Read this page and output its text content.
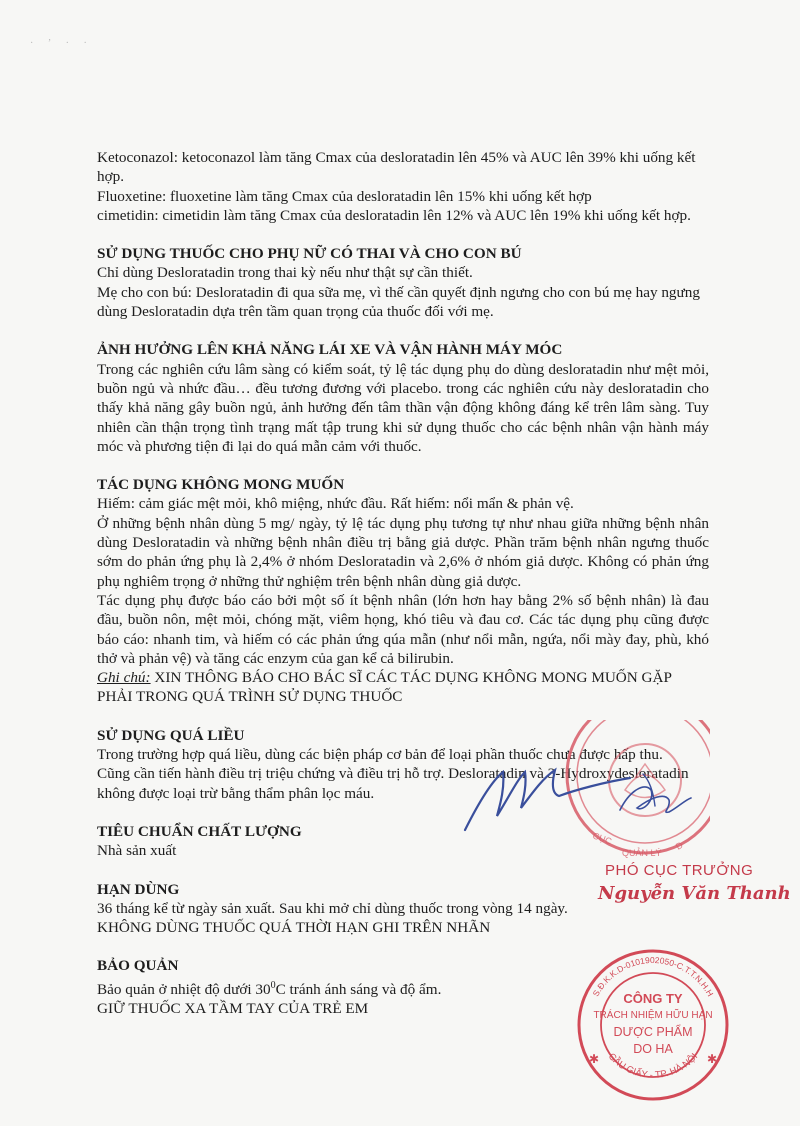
· ʼ · ·

Ketoconazol: ketoconazol làm tăng Cmax của desloratadin lên 45% và AUC lên 39% khi uống kết hợp.

Fluoxetine: fluoxetine làm tăng Cmax của desloratadin lên 15% khi uống kết hợp

cimetidin: cimetidin làm tăng Cmax của desloratadin lên 12% và AUC lên 19% khi uống kết hợp.

SỬ DỤNG THUỐC CHO PHỤ NỮ CÓ THAI VÀ CHO CON BÚ

Chỉ dùng Desloratadin trong thai kỳ nếu như thật sự cần thiết.

Mẹ cho con bú: Desloratadin đi qua sữa mẹ, vì thế cần quyết định ngưng cho con bú mẹ hay ngưng dùng Desloratadin dựa trên tầm quan trọng của thuốc đối với mẹ.

ẢNH HƯỞNG LÊN KHẢ NĂNG LÁI XE VÀ VẬN HÀNH MÁY MÓC

Trong các nghiên cứu lâm sàng có kiểm soát, tỷ lệ tác dụng phụ do dùng desloratadin như mệt mỏi, buồn ngủ và nhức đầu… đều tương đương với placebo. trong các nghiên cứu này desloratadin cho thấy khả năng gây buồn ngủ, ảnh hưởng đến tâm thần vận động không đáng kể trên lâm sàng. Tuy nhiên cần thận trọng tình trạng mất tập trung khi sử dụng thuốc cho các bệnh nhân vận hành máy móc và phương tiện đi lại do quá mẫn cảm với thuốc.

TÁC DỤNG KHÔNG MONG MUỐN

Hiếm: cảm giác mệt mỏi, khô miệng, nhức đầu. Rất hiếm: nổi mẩn & phản vệ.

Ở những bệnh nhân dùng 5 mg/ ngày, tỷ lệ tác dụng phụ tương tự như nhau giữa những bệnh nhân dùng Desloratadin và những bệnh nhân điều trị bằng giả dược. Phần trăm bệnh nhân ngưng thuốc sớm do phản ứng phụ là 2,4% ở nhóm Desloratadin và 2,6% ở nhóm giả dược. Không có phản ứng phụ nghiêm trọng ở những thử nghiệm trên bệnh nhân dùng giả dược.

Tác dụng phụ được báo cáo bởi một số ít bệnh nhân (lớn hơn hay bằng 2% số bệnh nhân) là đau đầu, buồn nôn, mệt mỏi, chóng mặt, viêm họng, khó tiêu và đau cơ. Các tác dụng phụ cũng được báo cáo: nhanh tim, và hiếm có các phản ứng qúa mẫn (như nổi mẫn, ngứa, nổi mày đay, phù, khó thở và phản vệ) và tăng các enzym của gan kể cả bilirubin.

Ghi chú: XIN THÔNG BÁO CHO BÁC SĨ CÁC TÁC DỤNG KHÔNG MONG MUỐN GẶP PHẢI TRONG QUÁ TRÌNH SỬ DỤNG THUỐC

SỬ DỤNG QUÁ LIỀU

Trong trường hợp quá liều, dùng các biện pháp cơ bản để loại phần thuốc chưa được hấp thu.

Cũng cần tiến hành điều trị triệu chứng và điều trị hỗ trợ. Desloratadin và 3-Hydroxydesloratadin không được loại trừ bằng thẩm phân lọc máu.

TIÊU CHUẨN CHẤT LƯỢNG

Nhà sản xuất

HẠN DÙNG

36 tháng kể từ ngày sản xuất. Sau khi mở chỉ dùng thuốc trong vòng 14 ngày.

KHÔNG DÙNG THUỐC QUÁ THỜI HẠN GHI TRÊN NHÃN

BẢO QUẢN

Bảo quản ở nhiệt độ dưới $30^0C$ tránh ánh sáng và độ ẩm.

GIỮ THUỐC XA TẦM TAY CỦA TRẺ EM

CỤC
QUẢN LÝ
D
PHÓ CỤC TRƯỞNG
Nguyễn Văn Thanh
S.Đ.K.K.D-0101902050-C.T.T.N.H.H
CẦU GIẤY - TP. HÀ NỘI
✱	✱
CÔNG TY
TRÁCH NHIỆM HỮU HẠN
DƯỢC PHẨM
DO HA
